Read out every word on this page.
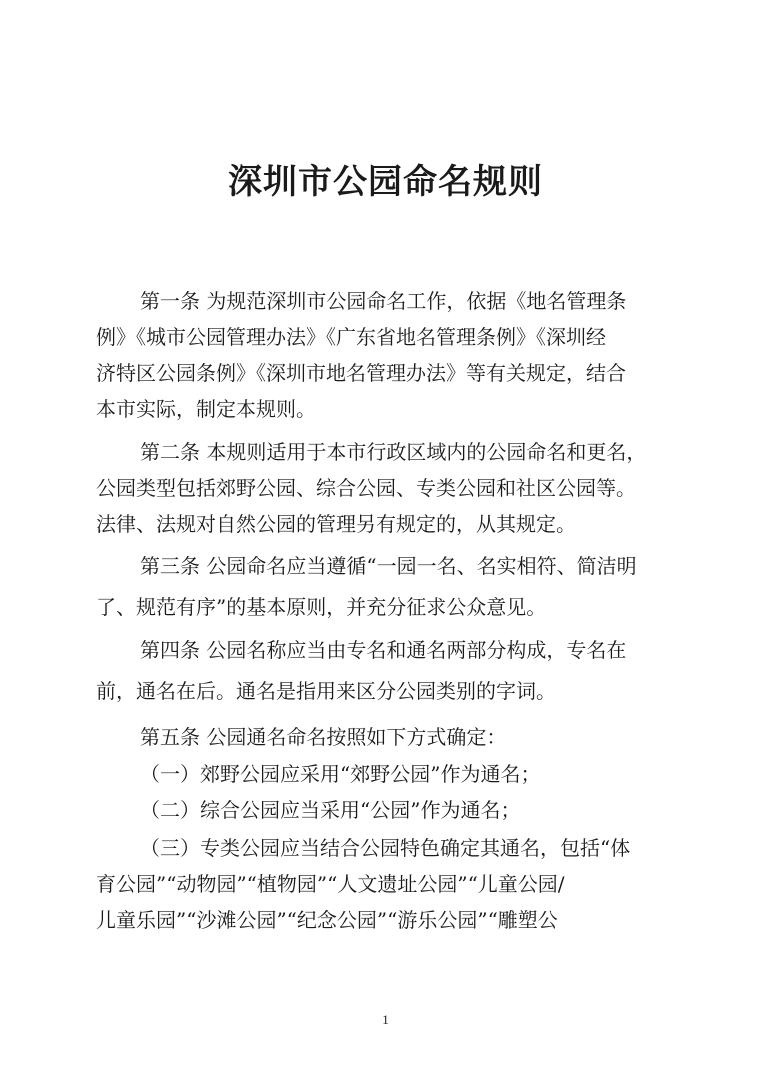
深圳市公园命名规则
第一条 为规范深圳市公园命名工作，依据《地名管理条
例》《城市公园管理办法》《广东省地名管理条例》《深圳经
济特区公园条例》《深圳市地名管理办法》等有关规定，结合
本市实际，制定本规则。
第二条 本规则适用于本市行政区域内的公园命名和更名，
公园类型包括郊野公园、综合公园、专类公园和社区公园等。
法律、法规对自然公园的管理另有规定的，从其规定。
第三条 公园命名应当遵循“一园一名、名实相符、简洁明
了、规范有序”的基本原则，并充分征求公众意见。
第四条 公园名称应当由专名和通名两部分构成，专名在
前，通名在后。通名是指用来区分公园类别的字词。
第五条 公园通名命名按照如下方式确定：
（一）郊野公园应采用“郊野公园”作为通名；
（二）综合公园应当采用“公园”作为通名；
（三）专类公园应当结合公园特色确定其通名，包括“体
育公园”“动物园”“植物园”“人文遗址公园”“儿童公园/
儿童乐园”“沙滩公园”“纪念公园”“游乐公园”“雕塑公
1
